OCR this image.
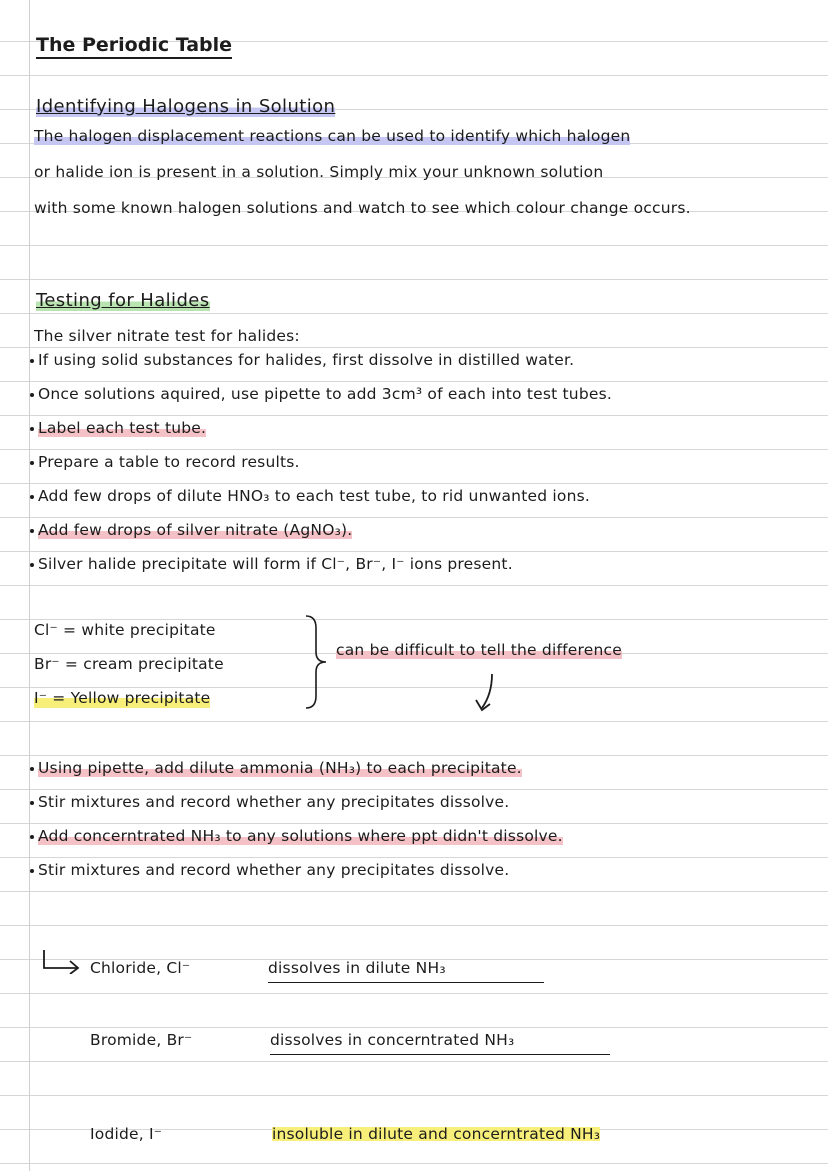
The Periodic Table
Identifying Halogens in Solution
The halogen displacement reactions can be used to identify which halogen
or halide ion is present in a solution. Simply mix your unknown solution
with some known halogen solutions and watch to see which colour change occurs.
Testing for Halides
The silver nitrate test for halides:
If using solid substances for halides, first dissolve in distilled water.
Once solutions aquired, use pipette to add 3cm³ of each into test tubes.
Label each test tube.
Prepare a table to record results.
Add few drops of dilute HNO₃ to each test tube, to rid unwanted ions.
Add few drops of silver nitrate (AgNO₃).
Silver halide precipitate will form if Cl⁻, Br⁻, I⁻ ions present.
Cl⁻ = white precipitate
Br⁻ = cream precipitate
I⁻ = Yellow precipitate
can be difficult to tell the difference
Using pipette, add dilute ammonia (NH₃) to each precipitate.
Stir mixtures and record whether any precipitates dissolve.
Add concerntrated NH₃ to any solutions where ppt didn't dissolve.
Stir mixtures and record whether any precipitates dissolve.
Chloride, Cl⁻	dissolves in dilute NH₃
Bromide, Br⁻	dissolves in concerntrated NH₃
Iodide, I⁻	insoluble in dilute and concerntrated NH₃
